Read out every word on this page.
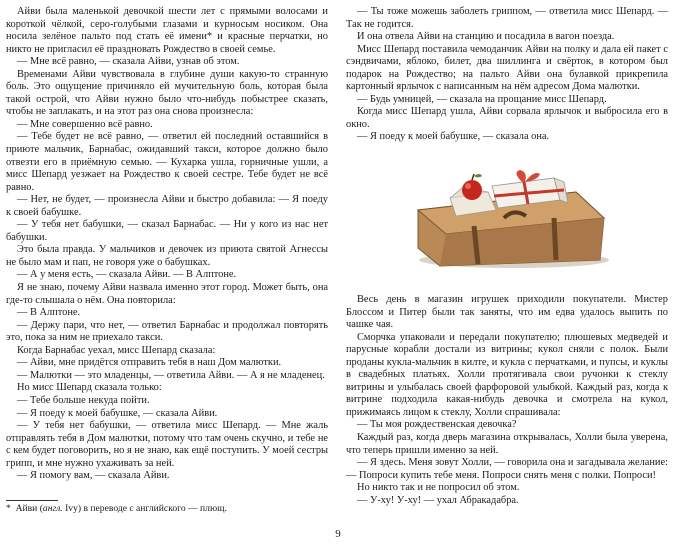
Айви была маленькой девочкой шести лет с прямыми волосами и короткой чёлкой, серо-голубыми глазами и курносым носиком. Она носила зелёное пальто под стать её имени* и красные перчатки, но никто не пригласил её праздновать Рождество в своей семье.

— Мне всё равно, — сказала Айви, узнав об этом.

Временами Айви чувствовала в глубине души какую-то странную боль. Это ощущение причиняло ей мучительную боль, которая была такой острой, что Айви нужно было что-нибудь побыстрее сказать, чтобы не заплакать, и на этот раз она снова произнесла:

— Мне совершенно всё равно.

— Тебе будет не всё равно, — ответил ей последний оставшийся в приюте мальчик, Барнабас, ожидавший такси, которое должно было отвезти его в приёмную семью. — Кухарка ушла, горничные ушли, а мисс Шепард уезжает на Рождество к своей сестре. Тебе будет не всё равно.

— Нет, не будет, — произнесла Айви и быстро добавила: — Я поеду к своей бабушке.

— У тебя нет бабушки, — сказал Барнабас. — Ни у кого из нас нет бабушки.

Это была правда. У мальчиков и девочек из приюта святой Агнессы не было мам и пап, не говоря уже о бабушках.

— А у меня есть, — сказала Айви. — В Алптоне.

Я не знаю, почему Айви назвала именно этот город. Может быть, она где-то слышала о нём. Она повторила:

— В Алптоне.

— Держу пари, что нет, — ответил Барнабас и продолжал повторять это, пока за ним не приехало такси.

Когда Барнабас уехал, мисс Шепард сказала:

— Айви, мне придётся отправить тебя в наш Дом малютки.

— Малютки — это младенцы, — ответила Айви. — А я не младенец.

Но мисс Шепард сказала только:

— Тебе больше некуда пойти.

— Я поеду к моей бабушке, — сказала Айви.

— У тебя нет бабушки, — ответила мисс Шепард. — Мне жаль отправлять тебя в Дом малютки, потому что там очень скучно, и тебе не с кем будет поговорить, но я не знаю, как ещё поступить. У моей сестры грипп, и мне нужно ухаживать за ней.

— Я помогу вам, — сказала Айви.

— Ты тоже можешь заболеть гриппом, — ответила мисс Шепард. — Так не годится.

И она отвела Айви на станцию и посадила в вагон поезда.

Мисс Шепард поставила чемоданчик Айви на полку и дала ей пакет с сэндвичами, яблоко, билет, два шиллинга и свёрток, в котором был подарок на Рождество; на пальто Айви она булавкой прикрепила картонный ярлычок с написанным на нём адресом Дома малютки.

— Будь умницей, — сказала на прощание мисс Шепард.

Когда мисс Шепард ушла, Айви сорвала ярлычок и выбросила его в окно.

— Я поеду к моей бабушке, — сказала она.

Весь день в магазин игрушек приходили покупатели. Мистер Блоссом и Питер были так заняты, что им едва удалось выпить по чашке чая.

Сморчка упаковали и передали покупателю; плюшевых медведей и парусные корабли достали из витрины; кукол сняли с полок. Были проданы кукла-мальчик в килте, и кукла с перчатками, и пупсы, и куклы в свадебных платьях. Холли протягивала свои ручонки к стеклу витрины и улыбалась своей фарфоровой улыбкой. Каждый раз, когда к витрине подходила какая-нибудь девочка и смотрела на кукол, прижимаясь лицом к стеклу, Холли спрашивала:

— Ты моя рождественская девочка?

Каждый раз, когда дверь магазина открывалась, Холли была уверена, что теперь пришли именно за ней.

— Я здесь. Меня зовут Холли, — говорила она и загадывала желание: — Попроси купить тебе меня. Попроси снять меня с полки. Попроси!

Но никто так и не попросил об этом.

— У-ху! У-ху! — ухал Абракадабра.

* Айви (англ. Ivy) в переводе с английского — плющ.
9
